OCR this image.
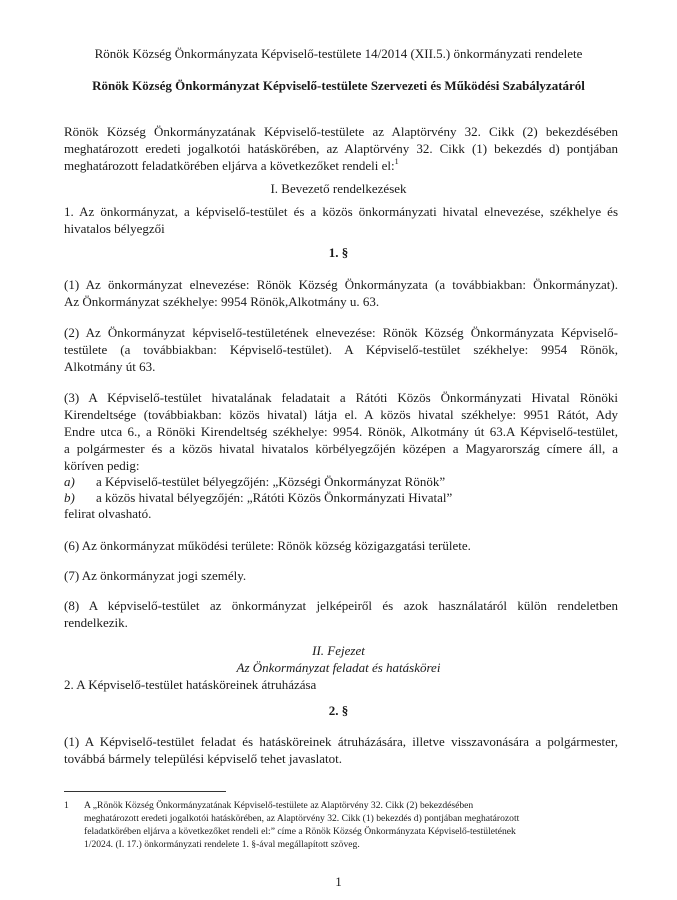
Rönök Község Önkormányzata Képviselő-testülete 14/2014 (XII.5.) önkormányzati rendelete
Rönök Község Önkormányzat Képviselő-testülete Szervezeti és Működési Szabályzatáról
Rönök Község Önkormányzatának Képviselő-testülete az Alaptörvény 32. Cikk (2) bekezdésében
meghatározott eredeti jogalkotói hatáskörében, az Alaptörvény 32. Cikk (1) bekezdés d) pontjában
meghatározott feladatkörében eljárva a következőket rendeli el:$^1$
I. Bevezető rendelkezések
1. Az önkormányzat, a képviselő-testület és a közös önkormányzati hivatal elnevezése, székhelye és
hivatalos bélyegzői
1. §
(1) Az önkormányzat elnevezése: Rönök Község Önkormányzata (a továbbiakban: Önkormányzat).
Az Önkormányzat székhelye: 9954 Rönök,Alkotmány u. 63.
(2) Az Önkormányzat képviselő-testületének elnevezése: Rönök Község Önkormányzata Képviselő-
testülete (a továbbiakban: Képviselő-testület). A Képviselő-testület székhelye: 9954 Rönök,
Alkotmány út 63.
(3) A Képviselő-testület hivatalának feladatait a Rátóti Közös Önkormányzati Hivatal Rönöki
Kirendeltsége (továbbiakban: közös hivatal) látja el. A közös hivatal székhelye: 9951 Rátót, Ady
Endre utca 6., a Rönöki Kirendeltség székhelye: 9954. Rönök, Alkotmány út 63.A Képviselő-testület,
a polgármester és a közös hivatal hivatalos körbélyegzőjén középen a Magyarország címere áll, a
köríven pedig:
a) a Képviselő-testület bélyegzőjén: „Községi Önkormányzat Rönök”
b) a közös hivatal bélyegzőjén: „Rátóti Közös Önkormányzati Hivatal”
felirat olvasható.
(6) Az önkormányzat működési területe: Rönök község közigazgatási területe.
(7) Az önkormányzat jogi személy.
(8) A képviselő-testület az önkormányzat jelképeiről és azok használatáról külön rendeletben
rendelkezik.
II. Fejezet
Az Önkormányzat feladat és hatáskörei
2. A Képviselő-testület hatásköreinek átruházása
2. §
(1) A Képviselő-testület feladat és hatásköreinek átruházására, illetve visszavonására a polgármester,
továbbá bármely települési képviselő tehet javaslatot.
1 A „Rönök Község Önkormányzatának Képviselő-testülete az Alaptörvény 32. Cikk (2) bekezdésében
meghatározott eredeti jogalkotói hatáskörében, az Alaptörvény 32. Cikk (1) bekezdés d) pontjában meghatározott
feladatkörében eljárva a következőket rendeli el:” címe a Rönök Község Önkormányzata Képviselő-testületének
1/2024. (I. 17.) önkormányzati rendelete 1. §-ával megállapított szöveg.
1
